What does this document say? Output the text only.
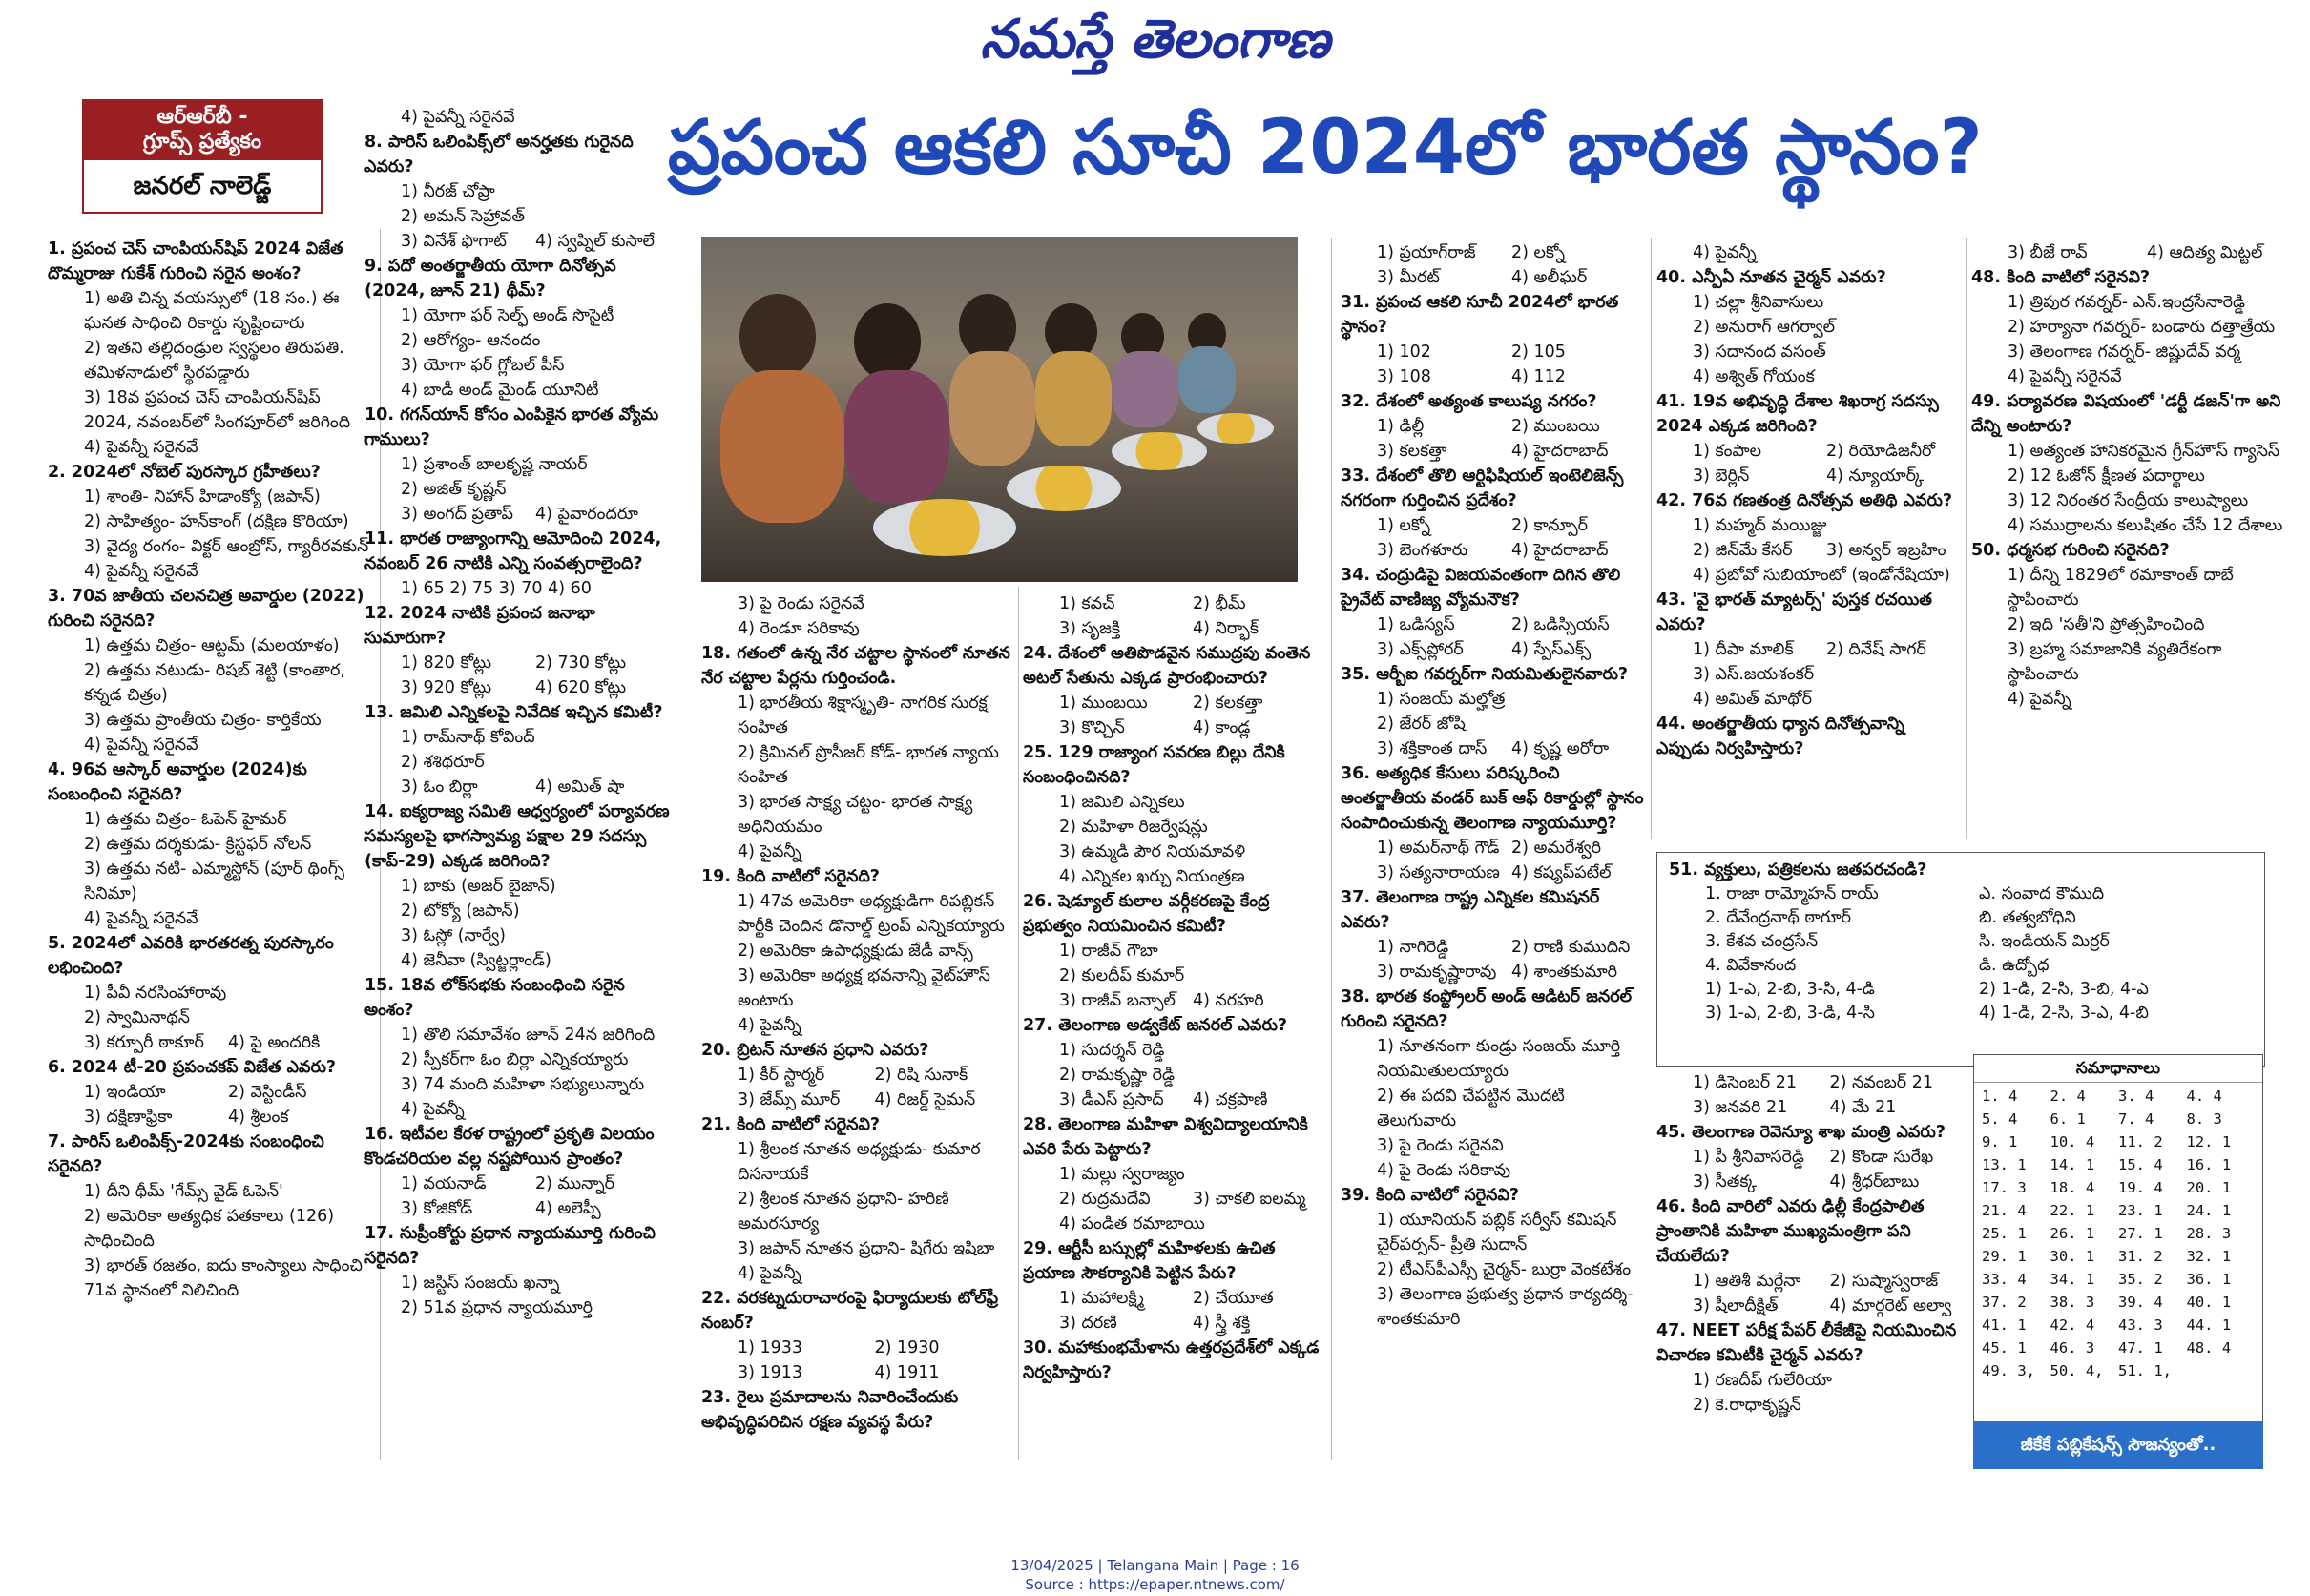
నమస్తే తెలంగాణ
ఆర్ఆర్‌బీ -
గ్రూప్స్ ప్రత్యేకం
జనరల్ నాలెడ్జ్	ప్రపంచ ఆకలి సూచీ 2024లో భారత స్థానం?

1. ప్రపంచ చెస్ చాంపియన్‌షిప్ 2024 విజేత దొమ్మరాజు గుకేశ్ గురించి సరైన అంశం?

1) అతి చిన్న వయస్సులో (18 సం.) ఈ ఘనత సాధించి రికార్డు సృష్టించారు

2) ఇతని తల్లిదండ్రుల స్వస్థలం తిరుపతి. తమిళనాడులో స్థిరపడ్డారు

3) 18వ ప్రపంచ చెస్ చాంపియన్‌షిప్ 2024, నవంబర్‌లో సింగపూర్‌లో జరిగింది

4) పైవన్నీ సరైనవే

2. 2024లో నోబెల్ పురస్కార గ్రహీతలు?

1) శాంతి- నిహాన్ హిడాంక్యో (జపాన్)

2) సాహిత్యం- హన్‌కాంగ్ (దక్షిణ కొరియా)

3) వైద్య రంగం- విక్టర్ ఆంబ్రోస్, గ్యారీరవకున్

4) పైవన్నీ సరైనవే

3. 70వ జాతీయ చలనచిత్ర అవార్డుల (2022) గురించి సరైనది?

1) ఉత్తమ చిత్రం- ఆట్టమ్ (మలయాళం)

2) ఉత్తమ నటుడు- రిషబ్ శెట్టి (కాంతార, కన్నడ చిత్రం)

3) ఉత్తమ ప్రాంతీయ చిత్రం- కార్తికేయ

4) పైవన్నీ సరైనవే

4. 96వ ఆస్కార్ అవార్డుల (2024)కు సంబంధించి సరైనది?

1) ఉత్తమ చిత్రం- ఓపెన్ హైమర్

2) ఉత్తమ దర్శకుడు- క్రిస్టఫర్ నోలన్

3) ఉత్తమ నటి- ఎమ్మాస్టోన్ (పూర్ థింగ్స్ సినిమా)

4) పైవన్నీ సరైనవే

5. 2024లో ఎవరికి భారతరత్న పురస్కారం లభించింది?

1) పీవీ నరసింహారావు

2) స్వామినాథన్

3) కర్పూరీ ఠాకూర్	4) పై అందరికి

6. 2024 టీ-20 ప్రపంచకప్ విజేత ఎవరు?

1) ఇండియా	2) వెస్టిండీస్

3) దక్షిణాఫ్రికా	4) శ్రీలంక

7. పారిస్ ఒలింపిక్స్-2024కు సంబంధించి సరైనది?

1) దీని థీమ్ 'గేమ్స్ వైడ్ ఓపెన్'

2) అమెరికా అత్యధిక పతకాలు (126) సాధించింది

3) భారత్ రజతం, ఐదు కాంస్యాలు సాధించి 71వ స్థానంలో నిలిచింది

4) పైవన్నీ సరైనవే

8. పారిస్ ఒలింపిక్స్‌లో అనర్హతకు గురైనది ఎవరు?

1) నీరజ్ చోప్రా

2) అమన్ సెహ్రావత్

3) వినేశ్ ఫొగాట్	4) స్వప్నిల్ కుసాలే

9. పదో అంతర్జాతీయ యోగా దినోత్సవ (2024, జూన్ 21) థీమ్?

1) యోగా ఫర్ సెల్ఫ్ అండ్ సొసైటీ

2) ఆరోగ్యం- ఆనందం

3) యోగా ఫర్ గ్లోబల్ పీస్

4) బాడీ అండ్ మైండ్ యూనిటీ

10. గగన్‌యాన్ కోసం ఎంపికైన భారత వ్యోమ గాములు?

1) ప్రశాంత్ బాలకృష్ణ నాయర్

2) అజిత్ కృష్ణన్

3) అంగద్ ప్రతాప్	4) పైవారందరూ

11. భారత రాజ్యాంగాన్ని ఆమోదించి 2024, నవంబర్ 26 నాటికి ఎన్ని సంవత్సరాలైంది?

1) 65 2) 75 3) 70 4) 60

12. 2024 నాటికి ప్రపంచ జనాభా సుమారుగా?

1) 820 కోట్లు	2) 730 కోట్లు

3) 920 కోట్లు	4) 620 కోట్లు

13. జమిలి ఎన్నికలపై నివేదిక ఇచ్చిన కమిటీ?

1) రామ్‌నాథ్ కోవింద్

2) శశిథరూర్

3) ఓం బిర్లా	4) అమిత్ షా

14. ఐక్యరాజ్య సమితి ఆధ్వర్యంలో పర్యావరణ సమస్యలపై భాగస్వామ్య పక్షాల 29 సదస్సు (కాప్-29) ఎక్కడ జరిగింది?

1) బాకు (అజర్ బైజాన్)

2) టోక్యో (జపాన్)

3) ఓస్లో (నార్వే)

4) జెనీవా (స్విట్జర్లాండ్)

15. 18వ లోక్‌సభకు సంబంధించి సరైన అంశం?

1) తొలి సమావేశం జూన్ 24న జరిగింది

2) స్పీకర్‌గా ఓం బిర్లా ఎన్నికయ్యారు

3) 74 మంది మహిళా సభ్యులున్నారు

4) పైవన్నీ

16. ఇటీవల కేరళ రాష్ట్రంలో ప్రకృతి విలయం కొండచరియల వల్ల నష్టపోయిన ప్రాంతం?

1) వయనాడ్	2) మున్నార్

3) కోజికోడ్	4) అలెప్పీ

17. సుప్రీంకోర్టు ప్రధాన న్యాయమూర్తి గురించి సరైనది?

1) జస్టిస్ సంజయ్ ఖన్నా

2) 51వ ప్రధాన న్యాయమూర్తి

3) పై రెండు సరైనవే

4) రెండూ సరికావు

18. గతంలో ఉన్న నేర చట్టాల స్థానంలో నూతన నేర చట్టాల పేర్లను గుర్తించండి.

1) భారతీయ శిక్షాస్మృతి- నాగరిక సురక్ష సంహిత

2) క్రిమినల్ ప్రొసీజర్ కోడ్- భారత న్యాయ సంహిత

3) భారత సాక్ష్య చట్టం- భారత సాక్ష్య అధినియమం

4) పైవన్నీ

19. కింది వాటిలో సరైనది?

1) 47వ అమెరికా అధ్యక్షుడిగా రిపబ్లికన్ పార్టీకి చెందిన డొనాల్డ్ ట్రంప్ ఎన్నికయ్యారు

2) అమెరికా ఉపాధ్యక్షుడు జేడీ వాన్స్

3) అమెరికా అధ్యక్ష భవనాన్ని వైట్‌హౌస్ అంటారు

4) పైవన్నీ

20. బ్రిటన్ నూతన ప్రధాని ఎవరు?

1) కీర్ స్టార్మర్	2) రిషి సునాక్

3) జేమ్స్ మూర్	4) రిజర్డ్ సైమన్

21. కింది వాటిలో సరైనవి?

1) శ్రీలంక నూతన అధ్యక్షుడు- కుమార దిసనాయకే

2) శ్రీలంక నూతన ప్రధాని- హరిణి అమరసూర్య

3) జపాన్ నూతన ప్రధాని- షిగేరు ఇషిబా

4) పైవన్నీ

22. వరకట్నదురాచారంపై ఫిర్యాదులకు టోల్‌ఫ్రీ నంబర్?

1) 1933	2) 1930

3) 1913	4) 1911

23. రైలు ప్రమాదాలను నివారించేందుకు అభివృద్ధిపరిచిన రక్షణ వ్యవస్థ పేరు?

1) కవచ్	2) భీమ్

3) సృజక్తి	4) నిర్భాక్

24. దేశంలో అతిపొడవైన సముద్రపు వంతెన అటల్ సేతును ఎక్కడ ప్రారంభించారు?

1) ముంబయి	2) కలకత్తా

3) కొచ్చిన్	4) కాండ్ల

25. 129 రాజ్యాంగ సవరణ బిల్లు దేనికి సంబంధించినది?

1) జమిలి ఎన్నికలు

2) మహిళా రిజర్వేషన్లు

3) ఉమ్మడి పౌర నియమావళి

4) ఎన్నికల ఖర్చు నియంత్రణ

26. షెడ్యూల్ కులాల వర్గీకరణపై కేంద్ర ప్రభుత్వం నియమించిన కమిటీ?

1) రాజీవ్ గౌబా

2) కులదీప్ కుమార్

3) రాజీవ్ బన్సాల్	4) నరహరి

27. తెలంగాణ అడ్వకేట్ జనరల్ ఎవరు?

1) సుదర్శన్ రెడ్డి

2) రామకృష్ణా రెడ్డి

3) డీఎస్ ప్రసాద్	4) చక్రపాణి

28. తెలంగాణ మహిళా విశ్వవిద్యాలయానికి ఎవరి పేరు పెట్టారు?

1) మల్లు స్వరాజ్యం

2) రుద్రమదేవి	3) చాకలి ఐలమ్మ

4) పండిత రమాబాయి

29. ఆర్టీసీ బస్సుల్లో మహిళలకు ఉచిత ప్రయాణ సౌకర్యానికి పెట్టిన పేరు?

1) మహాలక్ష్మి	2) చేయూత

3) దరణి	4) స్త్రీ శక్తి

30. మహాకుంభమేళాను ఉత్తరప్రదేశ్‌లో ఎక్కడ నిర్వహిస్తారు?

1) ప్రయాగ్‌రాజ్	2) లక్నో

3) మీరట్	4) అలీఘర్

31. ప్రపంచ ఆకలి సూచీ 2024లో భారత స్థానం?

1) 102	2) 105

3) 108	4) 112

32. దేశంలో అత్యంత కాలుష్య నగరం?

1) ఢిల్లీ	2) ముంబయి

3) కలకత్తా	4) హైదరాబాద్

33. దేశంలో తొలి ఆర్టిఫిషియల్ ఇంటెలిజెన్స్ నగరంగా గుర్తించిన ప్రదేశం?

1) లక్నో	2) కాన్పూర్

3) బెంగళూరు	4) హైదరాబాద్

34. చంద్రుడిపై విజయవంతంగా దిగిన తొలి ప్రైవేట్ వాణిజ్య వ్యోమనౌక?

1) ఒడిస్యస్	2) ఒడిస్సియస్

3) ఎక్స్‌ప్లోరర్	4) స్పేస్‌ఎక్స్

35. ఆర్బీఐ గవర్నర్‌గా నియమితులైనవారు?

1) సంజయ్ మల్హోత్ర

2) జేరర్ జోషి

3) శక్తికాంత దాస్	4) కృష్ణ అరోరా

36. అత్యధిక కేసులు పరిష్కరించి అంతర్జాతీయ వండర్ బుక్ ఆఫ్ రికార్డుల్లో స్థానం సంపాదించుకున్న తెలంగాణ న్యాయమూర్తి?

1) అమర్‌నాథ్ గౌడ్ 2) అమరేశ్వరి

3) సత్యనారాయణ 4) కష్యప్‌పటేల్

37. తెలంగాణ రాష్ట్ర ఎన్నికల కమిషనర్ ఎవరు?

1) నాగిరెడ్డి	2) రాణి కుముదిని

3) రామకృష్ణారావు 4) శాంతకుమారి

38. భారత కంప్ట్రోలర్ అండ్ ఆడిటర్ జనరల్ గురించి సరైనది?

1) నూతనంగా కుండ్రు సంజయ్ మూర్తి నియమితులయ్యారు

2) ఈ పదవి చేపట్టిన మొదటి తెలుగువారు

3) పై రెండు సరైనవి

4) పై రెండు సరికావు

39. కింది వాటిలో సరైనవి?

1) యూనియన్ పబ్లిక్ సర్వీస్ కమిషన్ చైర్‌పర్సన్- ప్రీతి సుదాన్

2) టీఎస్‌పీఎస్సీ చైర్మన్- బుర్రా వెంకటేశం

3) తెలంగాణ ప్రభుత్వ ప్రధాన కార్యదర్శి- శాంతకుమారి

4) పైవన్నీ

40. ఎన్పీఏ నూతన చైర్మన్ ఎవరు?

1) చల్లా శ్రీనివాసులు

2) అనురాగ్ ఆగర్వాల్

3) సదానంద వసంత్

4) అశ్విత్ గోయంక

41. 19వ అభివృద్ధి దేశాల శిఖరాగ్ర సదస్సు 2024 ఎక్కడ జరిగింది?

1) కంపాల	2) రియోడిజనీరో

3) బెర్లిన్	4) న్యూయార్క్

42. 76వ గణతంత్ర దినోత్సవ అతిథి ఎవరు?

1) మహ్మద్ మయిజ్జు

2) జిన్‌మే కేసర్	3) అన్వర్ ఇబ్రహిం

4) ప్రబోవో సుబియాంటో (ఇండోనేషియా)

43. 'వై భారత్ మ్యాటర్స్' పుస్తక రచయిత ఎవరు?

1) దీపా మాలిక్	2) దినేష్ సాగర్

3) ఎస్.జయశంకర్

4) అమిత్ మాథోర్

44. అంతర్జాతీయ ధ్యాన దినోత్సవాన్ని ఎప్పుడు నిర్వహిస్తారు?

1) డిసెంబర్ 21	2) నవంబర్ 21

3) జనవరి 21	4) మే 21

45. తెలంగాణ రెవెన్యూ శాఖ మంత్రి ఎవరు?

1) పీ శ్రీనివాసరెడ్డి	2) కొండా సురేఖ

3) సీతక్క	4) శ్రీధర్‌బాబు

46. కింది వారిలో ఎవరు ఢిల్లీ కేంద్రపాలిత ప్రాంతానికి మహిళా ముఖ్యమంత్రిగా పని చేయలేదు?

1) ఆతిశీ మర్లేనా	2) సుష్మాస్వరాజ్

3) షీలాదీక్షిత్	4) మార్గరెట్ అల్వా

47. NEET పరీక్ష పేపర్ లీకేజీపై నియమించిన విచారణ కమిటీకి చైర్మన్ ఎవరు?

1) రణదీప్ గులేరియా

2) కె.రాధాకృష్ణన్

3) బీజే రావ్	4) ఆదిత్య మిట్టల్

48. కింది వాటిలో సరైనవి?

1) త్రిపుర గవర్నర్- ఎన్.ఇంద్రసేనారెడ్డి

2) హర్యానా గవర్నర్- బండారు దత్తాత్రేయ

3) తెలంగాణ గవర్నర్- జిష్ణుదేవ్ వర్మ

4) పైవన్నీ సరైనవే

49. పర్యావరణ విషయంలో 'డర్టీ డజన్'గా అని దేన్ని అంటారు?

1) అత్యంత హానికరమైన గ్రీన్‌హౌస్ గ్యాసెస్

2) 12 ఓజోన్ క్షీణత పదార్థాలు

3) 12 నిరంతర సేంద్రీయ కాలుష్యాలు

4) సముద్రాలను కలుషితం చేసే 12 దేశాలు

50. ధర్మసభ గురించి సరైనది?

1) దీన్ని 1829లో రమాకాంత్ దాబే స్థాపించారు

2) ఇది 'సతీ'ని ప్రోత్సహించింది

3) బ్రహ్మ సమాజానికి వ్యతిరేకంగా స్థాపించారు

4) పైవన్నీ

51. వ్యక్తులు, పత్రికలను జతపరచండి?
1. రాజా రామ్మోహన్ రాయ్	ఎ. సంవాద కౌముది
2. దేవేంద్రనాథ్ ఠాగూర్	బి. తత్వబోధిని
3. కేశవ చంద్రసేన్	సి. ఇండియన్ మిర్రర్
4. వివేకానంద	డి. ఉద్బోధ
1) 1-ఎ, 2-బి, 3-సి, 4-డి	2) 1-డి, 2-సి, 3-బి, 4-ఎ
3) 1-ఎ, 2-బి, 3-డి, 4-సి	4) 1-డి, 2-సి, 3-ఎ, 4-బి
సమాధానాలు
1. 4	2. 4	3. 4	4. 4
5. 4	6. 1	7. 4	8. 3
9. 1	10. 4	11. 2	12. 1
13. 1	14. 1	15. 4	16. 1
17. 3	18. 4	19. 4	20. 1
21. 4	22. 1	23. 1	24. 1
25. 1	26. 1	27. 1	28. 3
29. 1	30. 1	31. 2	32. 1
33. 4	34. 1	35. 2	36. 1
37. 2	38. 3	39. 4	40. 1
41. 1	42. 4	43. 3	44. 1
45. 1	46. 3	47. 1	48. 4
49. 3,	50. 4,	51. 1,
జీకేకే పబ్లికేషన్స్ సౌజన్యంతో..
13/04/2025 | Telangana Main | Page : 16
Source : https://epaper.ntnews.com/
